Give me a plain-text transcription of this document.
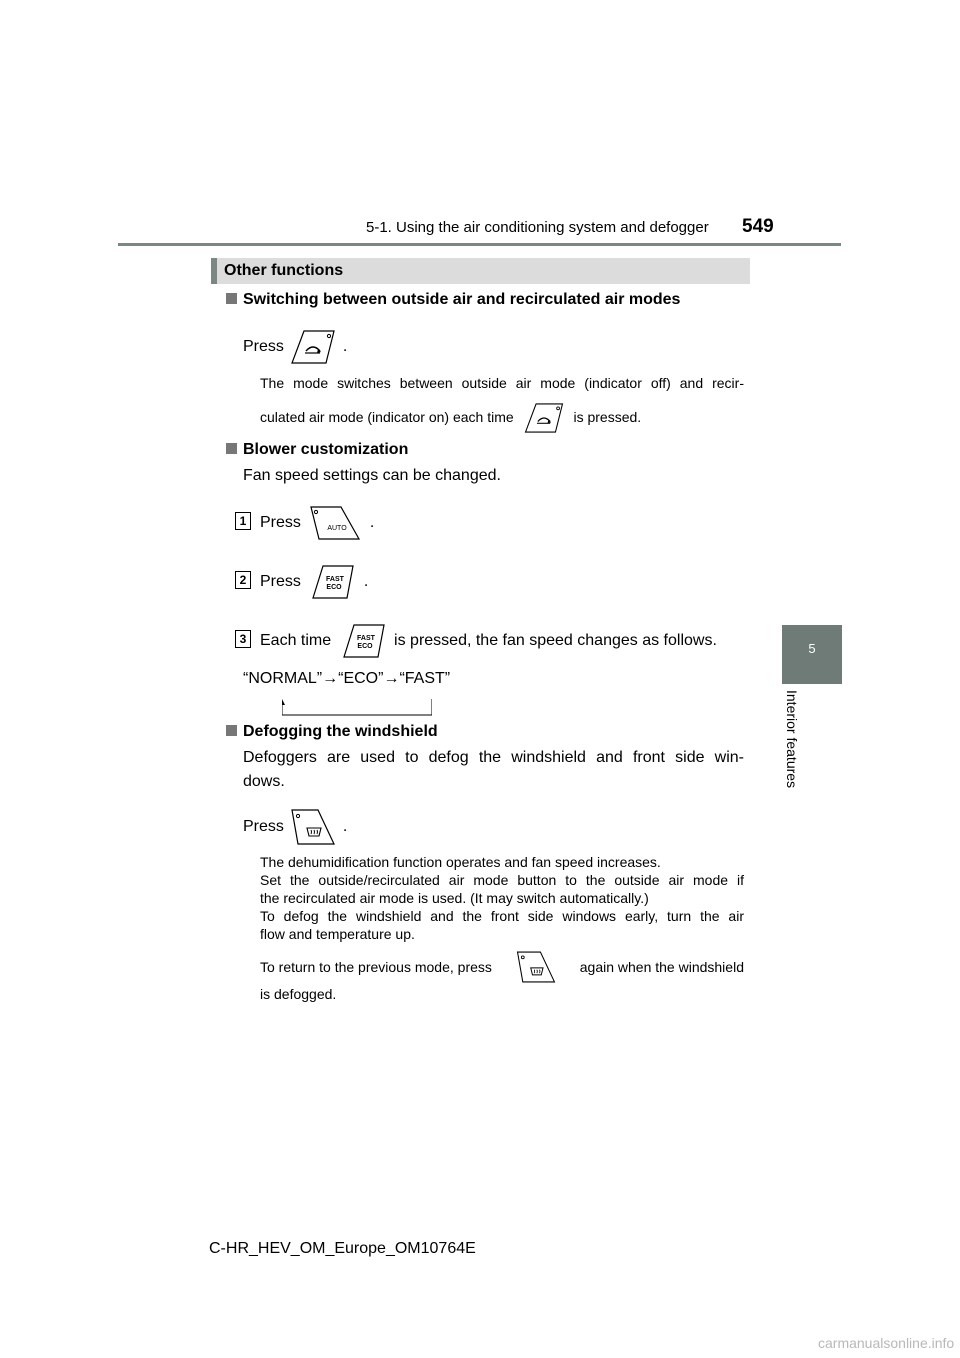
5-1. Using the air conditioning system and defogger 549
5
Interior features
Other functions
Switching between outside air and recirculated air modes
Press	.
The mode switches between outside air mode (indicator off) and recir-
culated air mode (indicator on) each time	is pressed.
Blower customization
Fan speed settings can be changed.
1 Press	AUTO .
2 Press	FAST
ECO .
3 Each time	FAST
ECO is pressed, the fan speed changes as follows.
“NORMAL”→“ECO”→“FAST”
Defogging the windshield
Defoggers are used to defog the windshield and front side win-
dows.
Press	.
The dehumidification function operates and fan speed increases.
Set the outside/recirculated air mode button to the outside air mode if
the recirculated air mode is used. (It may switch automatically.)
To defog the windshield and the front side windows early, turn the air
flow and temperature up.
To return to the previous mode, press	again when the windshield
is defogged.
C-HR_HEV_OM_Europe_OM10764E
carmanualsonline.info
